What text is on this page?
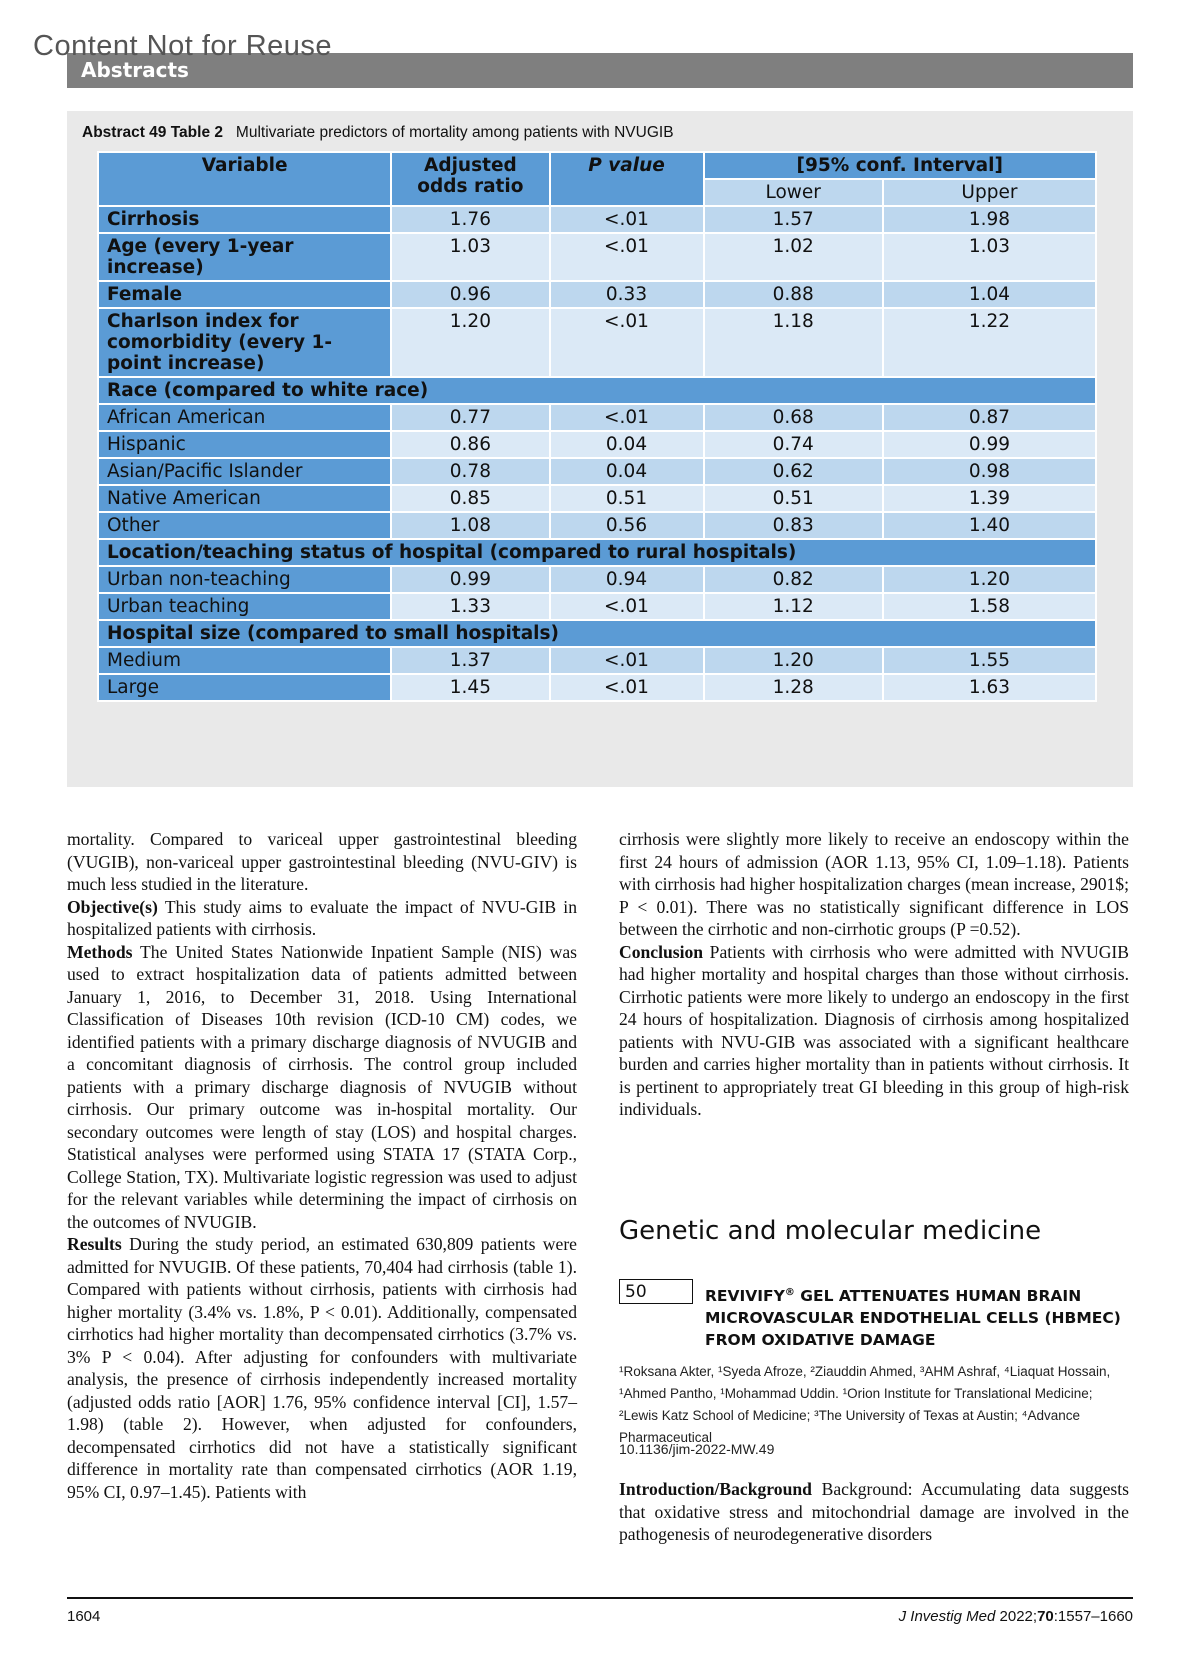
Content Not for Reuse
Abstracts
Abstract 49 Table 2 Multivariate predictors of mortality among patients with NVUGIB
Variable	Adjusted odds ratio	P value	[95% conf. Interval]	
			Lower	Upper
Cirrhosis	1.76	<.01	1.57	1.98
Age (every 1-year increase)	1.03	<.01	1.02	1.03
Female	0.96	0.33	0.88	1.04
Charlson index for comorbidity (every 1-point increase)	1.20	<.01	1.18	1.22
Race (compared to white race)				
African American	0.77	<.01	0.68	0.87
Hispanic	0.86	0.04	0.74	0.99
Asian/Pacific Islander	0.78	0.04	0.62	0.98
Native American	0.85	0.51	0.51	1.39
Other	1.08	0.56	0.83	1.40
Location/teaching status of hospital (compared to rural hospitals)				
Urban non-teaching	0.99	0.94	0.82	1.20
Urban teaching	1.33	<.01	1.12	1.58
Hospital size (compared to small hospitals)				
Medium	1.37	<.01	1.20	1.55
Large	1.45	<.01	1.28	1.63

mortality. Compared to variceal upper gastrointestinal bleeding (VUGIB), non-variceal upper gastrointestinal bleeding (NVU-GIV) is much less studied in the literature.

Objective(s) This study aims to evaluate the impact of NVU-GIB in hospitalized patients with cirrhosis.

Methods The United States Nationwide Inpatient Sample (NIS) was used to extract hospitalization data of patients admitted between January 1, 2016, to December 31, 2018. Using International Classification of Diseases 10th revision (ICD-10 CM) codes, we identified patients with a primary discharge diagnosis of NVUGIB and a concomitant diagnosis of cirrhosis. The control group included patients with a primary discharge diagnosis of NVUGIB without cirrhosis. Our primary outcome was in-hospital mortality. Our secondary outcomes were length of stay (LOS) and hospital charges. Statistical analyses were performed using STATA 17 (STATA Corp., College Station, TX). Multivariate logistic regression was used to adjust for the relevant variables while determining the impact of cirrhosis on the outcomes of NVUGIB.

Results During the study period, an estimated 630,809 patients were admitted for NVUGIB. Of these patients, 70,404 had cirrhosis (table 1). Compared with patients without cirrhosis, patients with cirrhosis had higher mortality (3.4% vs. 1.8%, P < 0.01). Additionally, compensated cirrhotics had higher mortality than decompensated cirrhotics (3.7% vs. 3% P < 0.04). After adjusting for confounders with multivariate analysis, the presence of cirrhosis independently increased mortality (adjusted odds ratio [AOR] 1.76, 95% confidence interval [CI], 1.57–1.98) (table 2). However, when adjusted for confounders, decompensated cirrhotics did not have a statistically significant difference in mortality rate than compensated cirrhotics (AOR 1.19, 95% CI, 0.97–1.45). Patients with

cirrhosis were slightly more likely to receive an endoscopy within the first 24 hours of admission (AOR 1.13, 95% CI, 1.09–1.18). Patients with cirrhosis had higher hospitalization charges (mean increase, 2901$; P < 0.01). There was no statistically significant difference in LOS between the cirrhotic and non-cirrhotic groups (P =0.52).

Conclusion Patients with cirrhosis who were admitted with NVUGIB had higher mortality and hospital charges than those without cirrhosis. Cirrhotic patients were more likely to undergo an endoscopy in the first 24 hours of hospitalization. Diagnosis of cirrhosis among hospitalized patients with NVU-GIB was associated with a significant healthcare burden and carries higher mortality than in patients without cirrhosis. It is pertinent to appropriately treat GI bleeding in this group of high-risk individuals.

Genetic and molecular medicine
50	REVIVIFY® GEL ATTENUATES HUMAN BRAIN MICROVASCULAR ENDOTHELIAL CELLS (HBMEC) FROM OXIDATIVE DAMAGE
¹Roksana Akter, ¹Syeda Afroze, ²Ziauddin Ahmed, ³AHM Ashraf, ⁴Liaquat Hossain, ¹Ahmed Pantho, ¹Mohammad Uddin. ¹Orion Institute for Translational Medicine; ²Lewis Katz School of Medicine; ³The University of Texas at Austin; ⁴Advance Pharmaceutical
10.1136/jim-2022-MW.49

Introduction/Background Background: Accumulating data suggests that oxidative stress and mitochondrial damage are involved in the pathogenesis of neurodegenerative disorders

1604	J Investig Med 2022;70:1557–1660
